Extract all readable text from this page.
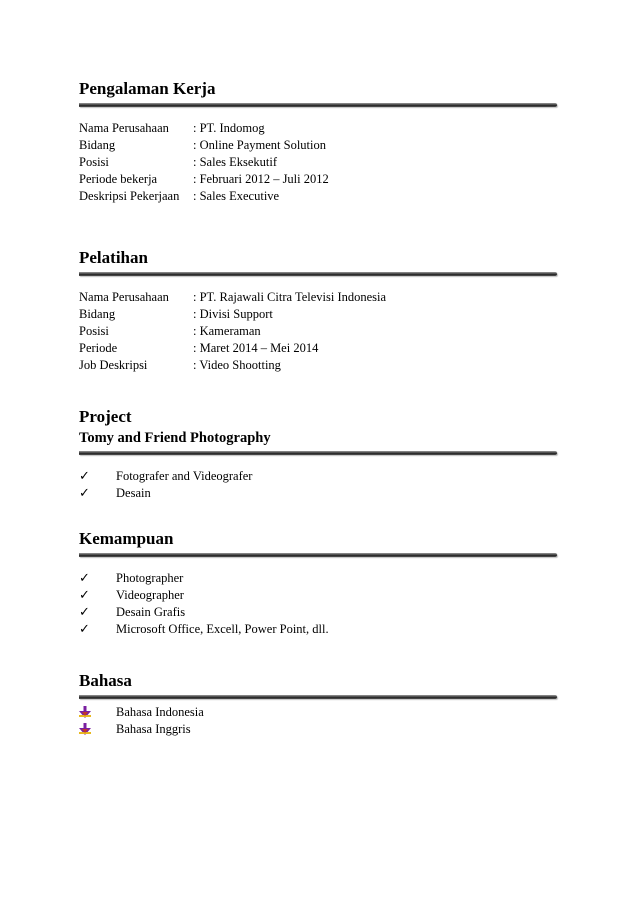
Pengalaman Kerja
Nama Perusahaan	: PT. Indomog
Bidang	: Online Payment Solution
Posisi	: Sales Eksekutif
Periode bekerja	: Februari 2012 – Juli 2012
Deskripsi Pekerjaan	: Sales Executive
Pelatihan
Nama Perusahaan	: PT. Rajawali Citra Televisi Indonesia
Bidang	: Divisi Support
Posisi	: Kameraman
Periode	: Maret 2014 – Mei 2014
Job Deskripsi	: Video Shootting
Project
Tomy and Friend Photography
✓ Fotografer and Videografer
✓ Desain
Kemampuan
✓ Photographer
✓ Videographer
✓ Desain Grafis
✓ Microsoft Office, Excell, Power Point, dll.
Bahasa
Bahasa Indonesia
Bahasa Inggris
